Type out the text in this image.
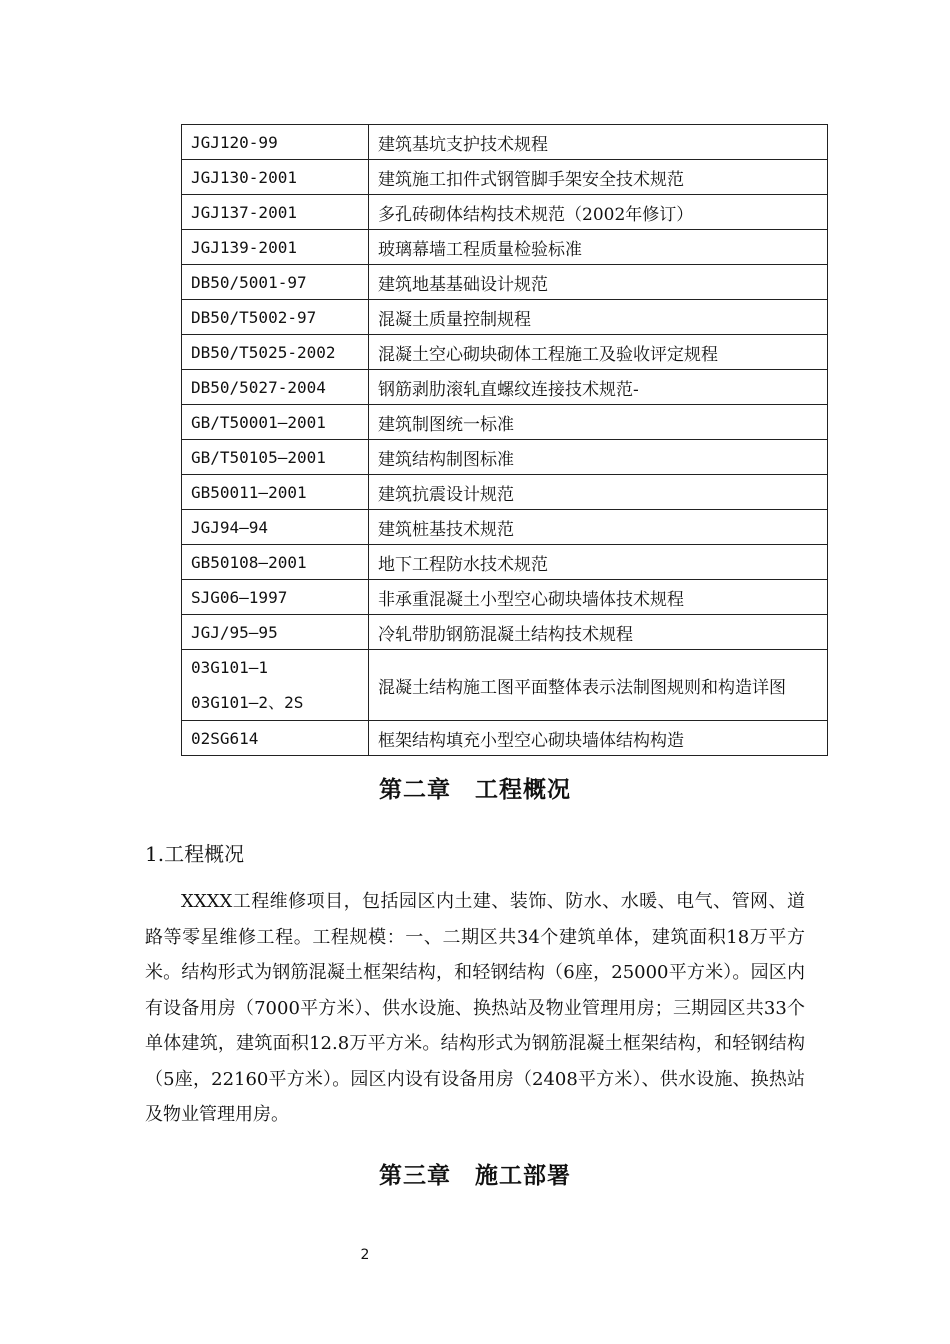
JGJ120-99	建筑基坑支护技术规程
JGJ130-2001	建筑施工扣件式钢管脚手架安全技术规范
JGJ137-2001	多孔砖砌体结构技术规范（2002年修订）
JGJ139-2001	玻璃幕墙工程质量检验标准
DB50/5001-97	建筑地基基础设计规范
DB50/T5002-97	混凝土质量控制规程
DB50/T5025-2002	混凝土空心砌块砌体工程施工及验收评定规程
DB50/5027-2004	钢筋剥肋滚轧直螺纹连接技术规范-
GB/T50001—2001	建筑制图统一标准
GB/T50105—2001	建筑结构制图标准
GB50011—2001	建筑抗震设计规范
JGJ94—94	建筑桩基技术规范
GB50108—2001	地下工程防水技术规范
SJG06—1997	非承重混凝土小型空心砌块墙体技术规程
JGJ/95—95	冷轧带肋钢筋混凝土结构技术规程

03G101—1
03G101—2、2S	混凝土结构施工图平面整体表示法制图规则和构造详图
02SG614	框架结构填充小型空心砌块墙体结构构造
第二章　工程概况
1.工程概况

XXXX工程维修项目，包括园区内土建、装饰、防水、水暖、电气、管网、道路等零星维修工程。工程规模：一、二期区共34个建筑单体，建筑面积18万平方米。结构形式为钢筋混凝土框架结构，和轻钢结构（6座，25000平方米）。园区内有设备用房（7000平方米）、供水设施、换热站及物业管理用房；三期园区共33个单体建筑，建筑面积12.8万平方米。结构形式为钢筋混凝土框架结构，和轻钢结构（5座，22160平方米）。园区内设有设备用房（2408平方米）、供水设施、换热站及物业管理用房。

第三章　施工部署
2
